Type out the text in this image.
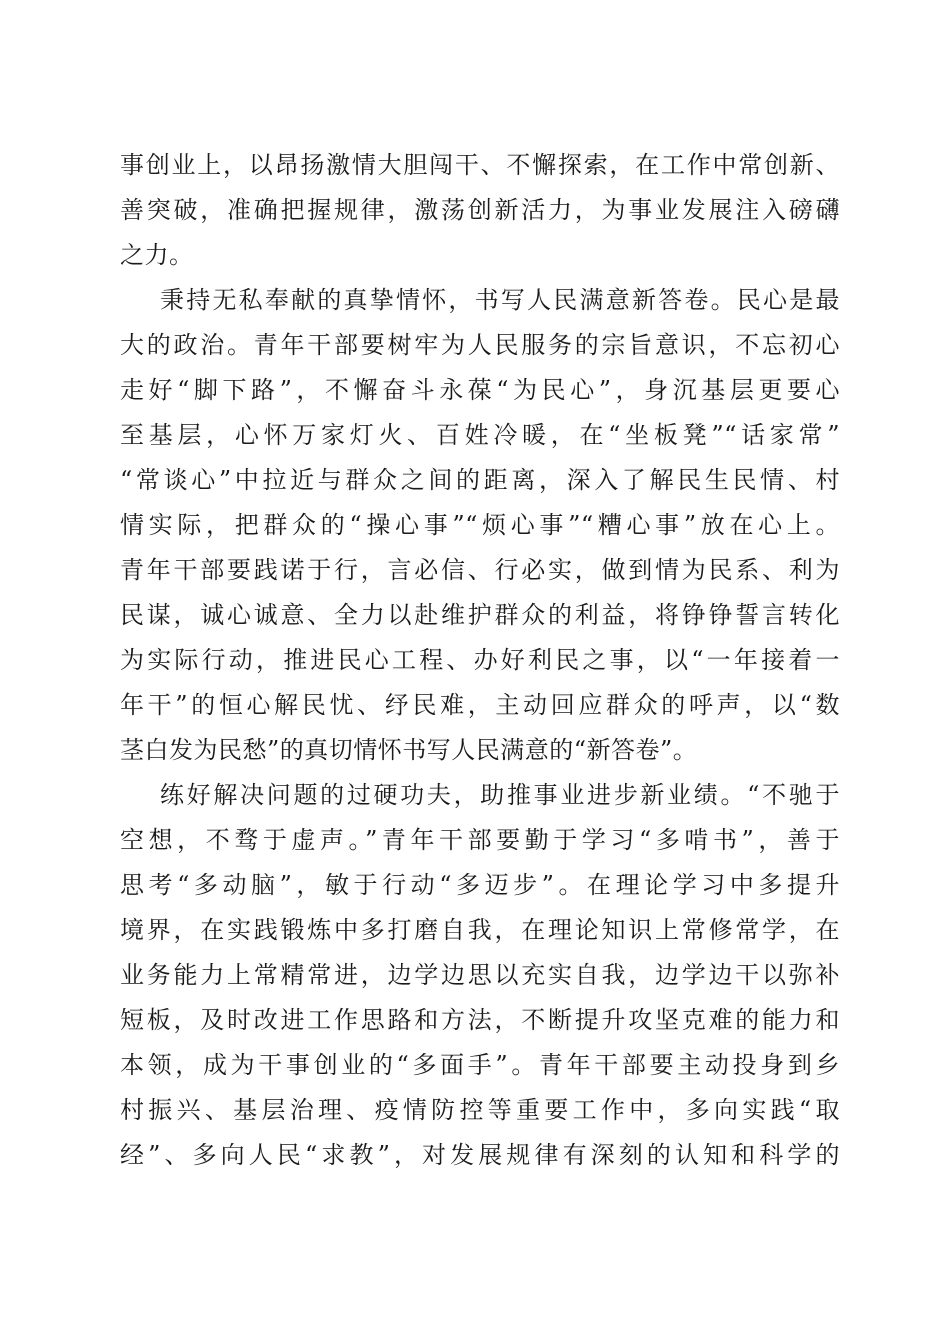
事创业上，以昂扬激情大胆闯干、不懈探索，在工作中常创新、
善突破，准确把握规律，激荡创新活力，为事业发展注入磅礴
之力。
秉持无私奉献的真挚情怀，书写人民满意新答卷。民心是最
大的政治。青年干部要树牢为人民服务的宗旨意识，不忘初心
走好“脚下路”，不懈奋斗永葆“为民心”，身沉基层更要心
至基层，心怀万家灯火、百姓冷暖，在“坐板凳”“话家常”
“常谈心”中拉近与群众之间的距离，深入了解民生民情、村
情实际，把群众的“操心事”“烦心事”“糟心事”放在心上。
青年干部要践诺于行，言必信、行必实，做到情为民系、利为
民谋，诚心诚意、全力以赴维护群众的利益，将铮铮誓言转化
为实际行动，推进民心工程、办好利民之事，以“一年接着一
年干”的恒心解民忧、纾民难，主动回应群众的呼声，以“数
茎白发为民愁”的真切情怀书写人民满意的“新答卷”。
练好解决问题的过硬功夫，助推事业进步新业绩。“不驰于
空想，不骛于虚声。”青年干部要勤于学习“多啃书”，善于
思考“多动脑”，敏于行动“多迈步”。在理论学习中多提升
境界，在实践锻炼中多打磨自我，在理论知识上常修常学，在
业务能力上常精常进，边学边思以充实自我，边学边干以弥补
短板，及时改进工作思路和方法，不断提升攻坚克难的能力和
本领，成为干事创业的“多面手”。青年干部要主动投身到乡
村振兴、基层治理、疫情防控等重要工作中，多向实践“取
经”、多向人民“求教”，对发展规律有深刻的认知和科学的
